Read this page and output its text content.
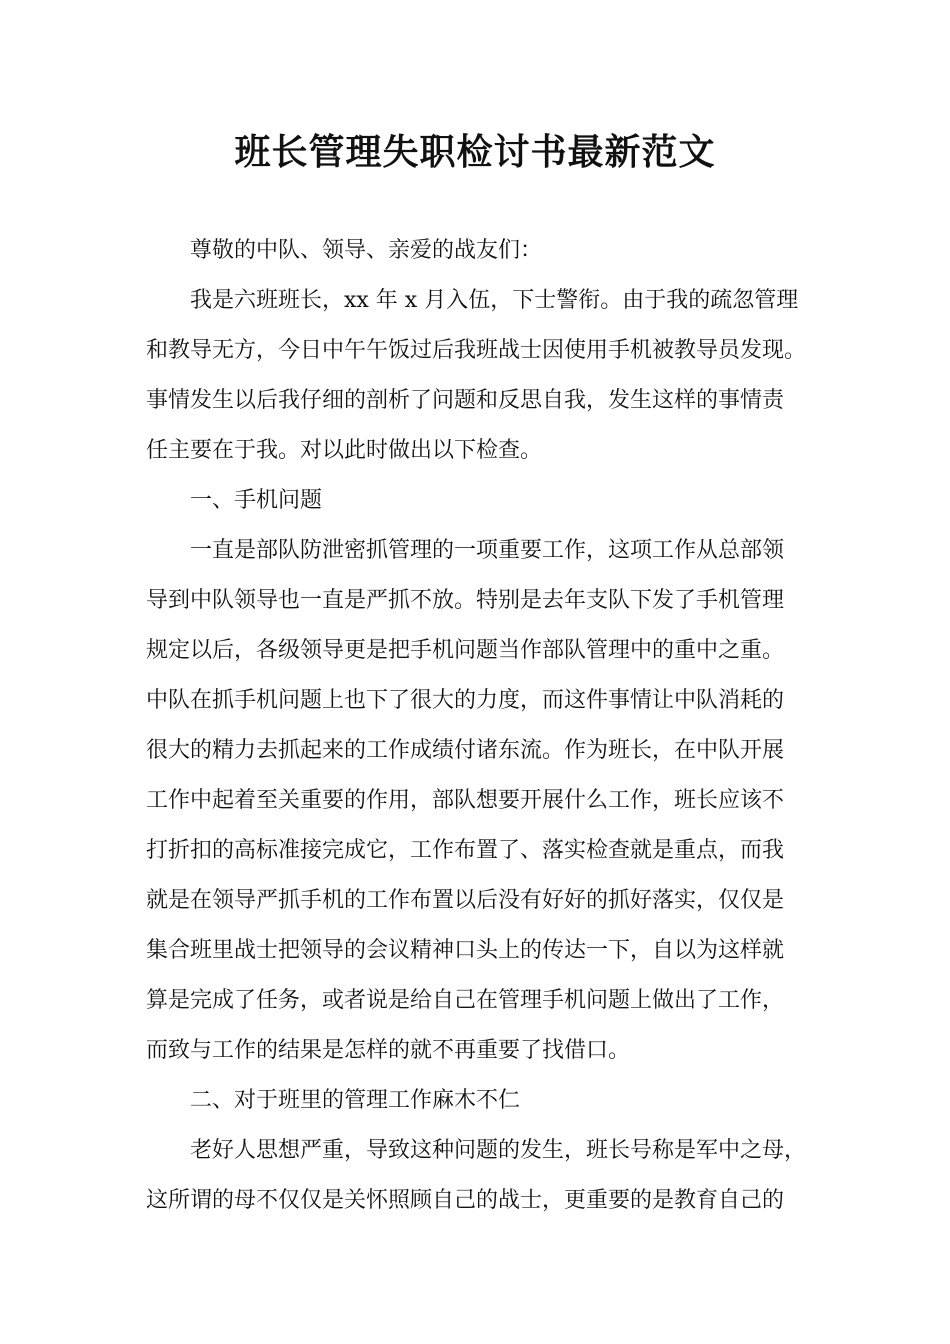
班长管理失职检讨书最新范文

尊敬的中队、领导、亲爱的战友们：

我是六班班长，xx 年 x 月入伍，下士警衔。由于我的疏忽管理

和教导无方，今日中午午饭过后我班战士因使用手机被教导员发现。

事情发生以后我仔细的剖析了问题和反思自我，发生这样的事情责

任主要在于我。对以此时做出以下检查。

一、手机问题

一直是部队防泄密抓管理的一项重要工作，这项工作从总部领

导到中队领导也一直是严抓不放。特别是去年支队下发了手机管理

规定以后，各级领导更是把手机问题当作部队管理中的重中之重。

中队在抓手机问题上也下了很大的力度，而这件事情让中队消耗的

很大的精力去抓起来的工作成绩付诸东流。作为班长，在中队开展

工作中起着至关重要的作用，部队想要开展什么工作，班长应该不

打折扣的高标准接完成它，工作布置了、落实检查就是重点，而我

就是在领导严抓手机的工作布置以后没有好好的抓好落实，仅仅是

集合班里战士把领导的会议精神口头上的传达一下，自以为这样就

算是完成了任务，或者说是给自己在管理手机问题上做出了工作，

而致与工作的结果是怎样的就不再重要了找借口。

二、对于班里的管理工作麻木不仁

老好人思想严重，导致这种问题的发生，班长号称是军中之母，

这所谓的母不仅仅是关怀照顾自己的战士，更重要的是教育自己的
